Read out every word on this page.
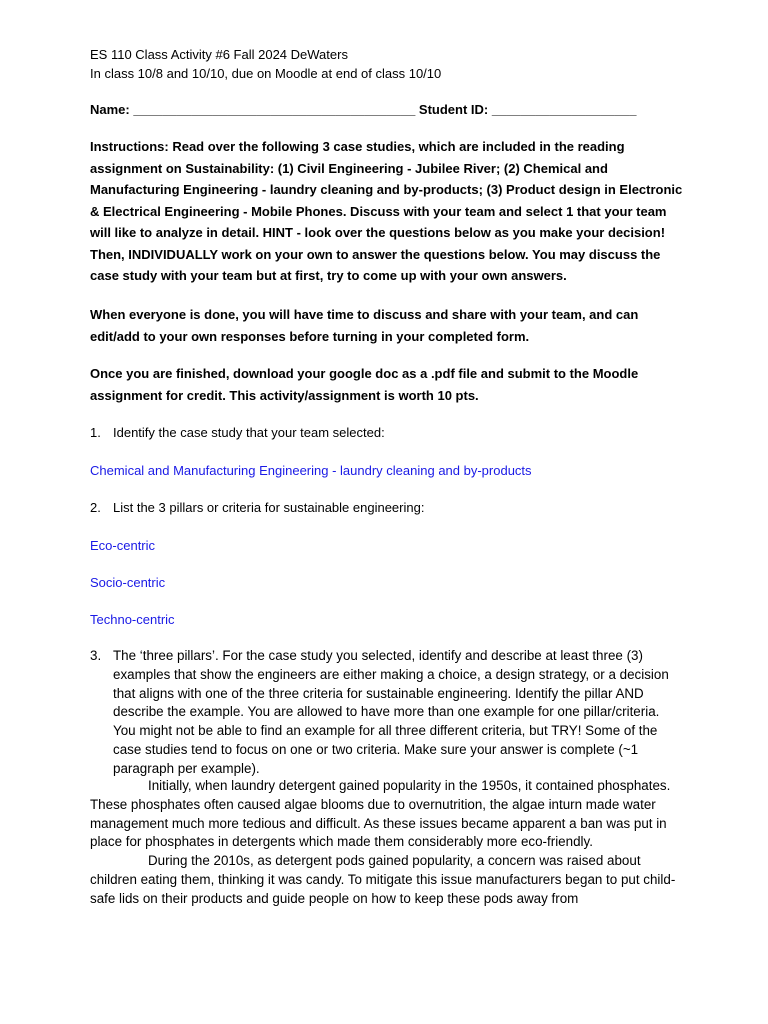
ES 110 Class Activity #6 Fall 2024 DeWaters
In class 10/8 and 10/10, due on Moodle at end of class 10/10
Name: _______________________________________ Student ID: ____________________

Instructions: Read over the following 3 case studies, which are included in the reading assignment on Sustainability: (1) Civil Engineering - Jubilee River; (2) Chemical and Manufacturing Engineering - laundry cleaning and by-products; (3) Product design in Electronic & Electrical Engineering - Mobile Phones. Discuss with your team and select 1 that your team will like to analyze in detail. HINT - look over the questions below as you make your decision! Then, INDIVIDUALLY work on your own to answer the questions below. You may discuss the case study with your team but at first, try to come up with your own answers.

When everyone is done, you will have time to discuss and share with your team, and can edit/add to your own responses before turning in your completed form.

Once you are finished, download your google doc as a .pdf file and submit to the Moodle assignment for credit. This activity/assignment is worth 10 pts.

1. Identify the case study that your team selected:
Chemical and Manufacturing Engineering - laundry cleaning and by-products
2. List the 3 pillars or criteria for sustainable engineering:
Eco-centric
Socio-centric
Techno-centric
3. The ‘three pillars’. For the case study you selected, identify and describe at least three (3) examples that show the engineers are either making a choice, a design strategy, or a decision that aligns with one of the three criteria for sustainable engineering. Identify the pillar AND describe the example. You are allowed to have more than one example for one pillar/criteria. You might not be able to find an example for all three different criteria, but TRY! Some of the case studies tend to focus on one or two criteria. Make sure your answer is complete (~1 paragraph per example).

Initially, when laundry detergent gained popularity in the 1950s, it contained phosphates. These phosphates often caused algae blooms due to overnutrition, the algae inturn made water management much more tedious and difficult. As these issues became apparent a ban was put in place for phosphates in detergents which made them considerably more eco-friendly.

During the 2010s, as detergent pods gained popularity, a concern was raised about children eating them, thinking it was candy. To mitigate this issue manufacturers began to put child-safe lids on their products and guide people on how to keep these pods away from
